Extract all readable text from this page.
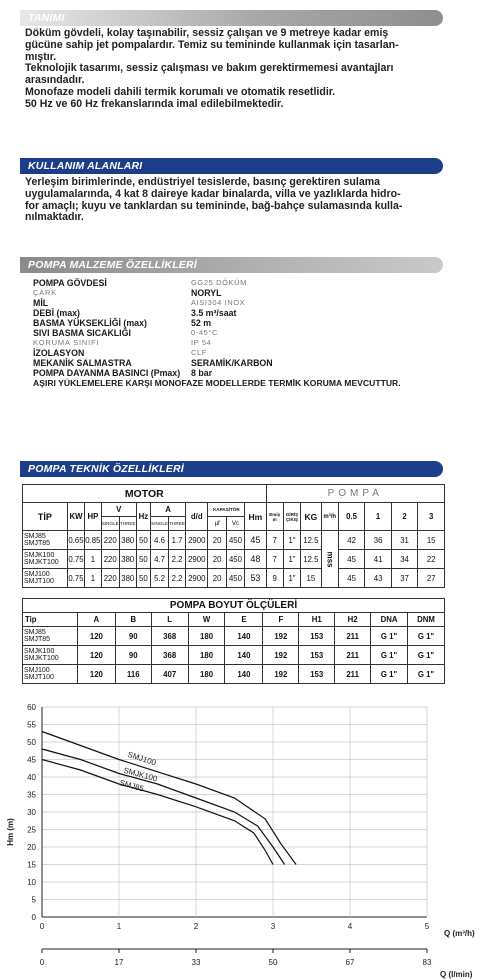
TANIMI
Döküm gövdeli, kolay taşınabilir, sessiz çalışan ve 9 metreye kadar emiş
gücüne sahip jet pompalardır. Temiz su temininde kullanmak için tasarlan-
mıştır.
Teknolojik tasarımı, sessiz çalışması ve bakım gerektirmemesi avantajları
arasındadır.
Monofaze modeli dahili termik korumalı ve otomatik resetlidir.
50 Hz ve 60 Hz frekanslarında imal edilebilmektedir.
KULLANIM ALANLARI
Yerleşim birimlerinde, endüstriyel tesislerde, basınç gerektiren sulama
uygulamalarında, 4 kat 8 daireye kadar binalarda, villa ve yazlıklarda hidro-
for amaçlı; kuyu ve tanklardan su temininde, bağ-bahçe sulamasında kulla-
nılmaktadır.
POMPA MALZEME ÖZELLİKLERİ
POMPA GÖVDESİ	GG25 DÖKÜM
ÇARK	NORYL
MİL	AISI304 INOX
DEBİ (max)	3.5 m³/saat
BASMA YÜKSEKLİĞİ (max)	52 m
SIVI BASMA SICAKLIĞI	0-45°C
KORUMA SINIFI	IP 54
İZOLASYON	CLF
MEKANİK SALMASTRA	SERAMİK/KARBON
POMPA DAYANMA BASINCI (Pmax) 8 bar
AŞIRI YÜKLEMELERE KARŞI MONOFAZE MODELLERDE TERMİK KORUMA MEVCUTTUR.
POMPA TEKNİK ÖZELLİKLERİ
MOTOR												POMPA							
TİP	KW	HP	V		Hz	A		d/d	KAPASİTÖR		Hm	Emiş
m	GİRİŞ
ÇIKIŞ	KG	m³/h	0.5	1	2	3
			SINGLE	THREE		SINGLE	THREE		µf	Vc									
SMJ85
SMJT85	0.65	0.85	220	380	50	4.6	1.7	2900	20	450	45	7	1"	12.5	mss	42	36	31	15
SMJK100
SMJKT100	0.75	1	220	380	50	4.7	2.2	2900	20	450	48	7	1"	12.5		45	41	34	22
SMJ100
SMJT100	0.75	1	220	380	50	5.2	2.2	2900	20	450	53	9	1"	15		45	43	37	27
POMPA BOYUT ÖLÇÜLERİ										
Tip	A	B	L	W	E	F	H1	H2	DNA	DNM
SMJ85
SMJT85	120	90	368	180	140	192	153	211	G 1"	G 1"
SMJK100
SMJKT100	120	90	368	180	140	192	153	211	G 1"	G 1"
SMJ100
SMJT100	120	116	407	180	140	192	153	211	G 1"	G 1"
0
5
10
15
20
25
30
35
40
45
50
55
60
0	1	2	3	4	5
0	17	33	50	67	83
SMJ100
SMJK100
SMJ85
Hm (m)
Q (m³/h)
Q (l/min)
